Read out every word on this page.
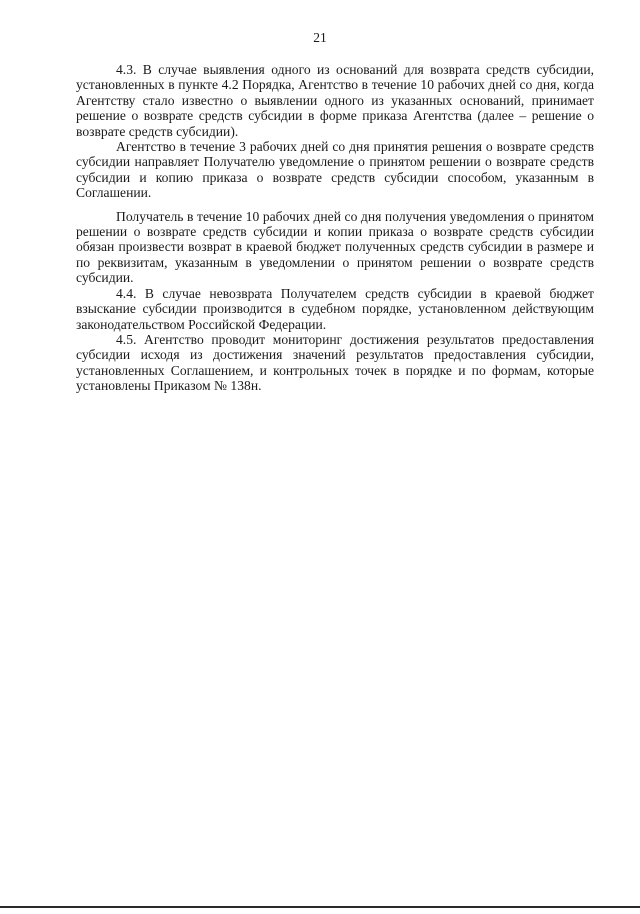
21

4.3. В случае выявления одного из оснований для возврата средств субсидии, установленных в пункте 4.2 Порядка, Агентство в течение 10 рабочих дней со дня, когда Агентству стало известно о выявлении одного из указанных оснований, принимает решение о возврате средств субсидии в форме приказа Агентства (далее – решение о возврате средств субсидии).

Агентство в течение 3 рабочих дней со дня принятия решения о возврате средств субсидии направляет Получателю уведомление о принятом решении о возврате средств субсидии и копию приказа о возврате средств субсидии способом, указанным в Соглашении.

Получатель в течение 10 рабочих дней со дня получения уведомления о принятом решении о возврате средств субсидии и копии приказа о возврате средств субсидии обязан произвести возврат в краевой бюджет полученных средств субсидии в размере и по реквизитам, указанным в уведомлении о принятом решении о возврате средств субсидии.

4.4. В случае невозврата Получателем средств субсидии в краевой бюджет взыскание субсидии производится в судебном порядке, установленном действующим законодательством Российской Федерации.

4.5. Агентство проводит мониторинг достижения результатов предоставления субсидии исходя из достижения значений результатов предоставления субсидии, установленных Соглашением, и контрольных точек в порядке и по формам, которые установлены Приказом № 138н.
